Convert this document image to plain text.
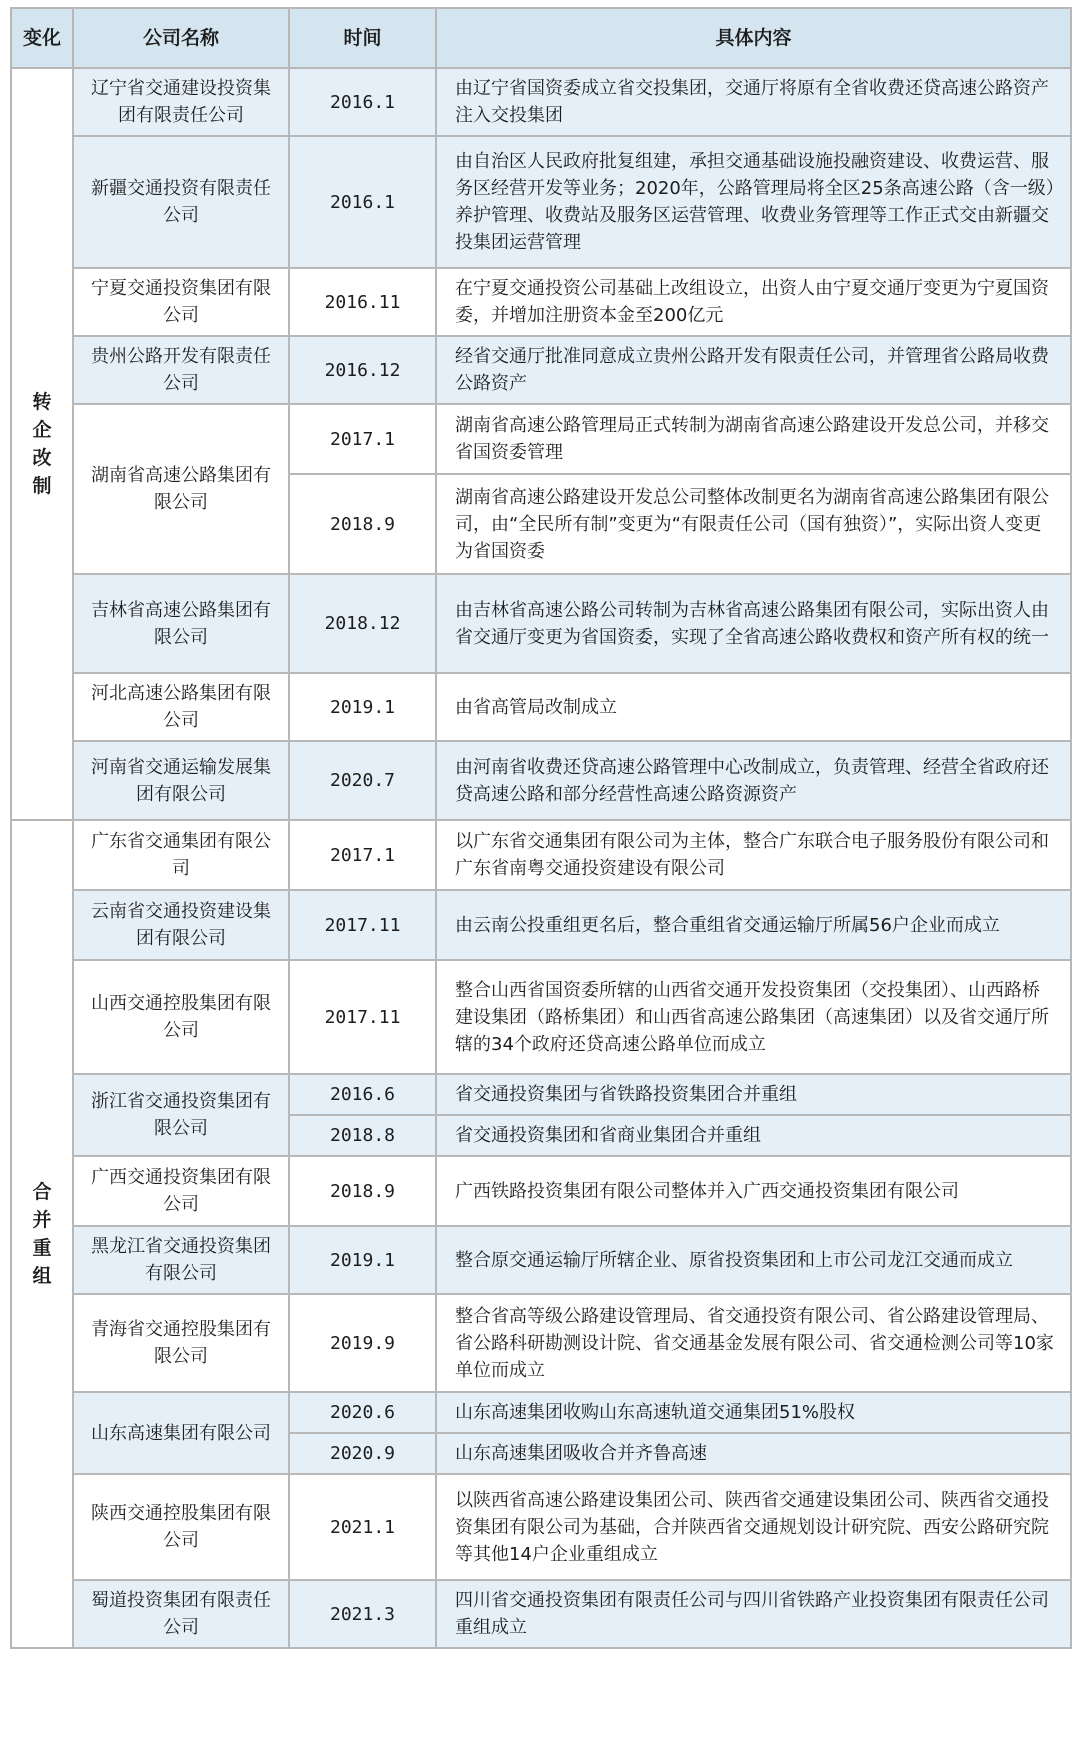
变化	公司名称	时间	具体内容
转企改制	辽宁省交通建设投资集团有限责任公司	2016.1	由辽宁省国资委成立省交投集团，交通厅将原有全省收费还贷高速公路资产注入交投集团
	新疆交通投资有限责任公司	2016.1	由自治区人民政府批复组建，承担交通基础设施投融资建设、收费运营、服务区经营开发等业务；2020年，公路管理局将全区25条高速公路（含一级）养护管理、收费站及服务区运营管理、收费业务管理等工作正式交由新疆交投集团运营管理
	宁夏交通投资集团有限公司	2016.11	在宁夏交通投资公司基础上改组设立，出资人由宁夏交通厅变更为宁夏国资委，并增加注册资本金至200亿元
	贵州公路开发有限责任公司	2016.12	经省交通厅批准同意成立贵州公路开发有限责任公司，并管理省公路局收费公路资产
	湖南省高速公路集团有限公司	2017.1	湖南省高速公路管理局正式转制为湖南省高速公路建设开发总公司，并移交省国资委管理
		2018.9	湖南省高速公路建设开发总公司整体改制更名为湖南省高速公路集团有限公司，由“全民所有制”变更为“有限责任公司（国有独资）”，实际出资人变更为省国资委
	吉林省高速公路集团有限公司	2018.12	由吉林省高速公路公司转制为吉林省高速公路集团有限公司，实际出资人由省交通厅变更为省国资委，实现了全省高速公路收费权和资产所有权的统一
	河北高速公路集团有限公司	2019.1	由省高管局改制成立
	河南省交通运输发展集团有限公司	2020.7	由河南省收费还贷高速公路管理中心改制成立，负责管理、经营全省政府还贷高速公路和部分经营性高速公路资源资产
合并重组	广东省交通集团有限公司	2017.1	以广东省交通集团有限公司为主体，整合广东联合电子服务股份有限公司和广东省南粤交通投资建设有限公司
	云南省交通投资建设集团有限公司	2017.11	由云南公投重组更名后，整合重组省交通运输厅所属56户企业而成立
	山西交通控股集团有限公司	2017.11	整合山西省国资委所辖的山西省交通开发投资集团（交投集团）、山西路桥建设集团（路桥集团）和山西省高速公路集团（高速集团）以及省交通厅所辖的34个政府还贷高速公路单位而成立
	浙江省交通投资集团有限公司	2016.6	省交通投资集团与省铁路投资集团合并重组
		2018.8	省交通投资集团和省商业集团合并重组
	广西交通投资集团有限公司	2018.9	广西铁路投资集团有限公司整体并入广西交通投资集团有限公司
	黑龙江省交通投资集团有限公司	2019.1	整合原交通运输厅所辖企业、原省投资集团和上市公司龙江交通而成立
	青海省交通控股集团有限公司	2019.9	整合省高等级公路建设管理局、省交通投资有限公司、省公路建设管理局、省公路科研勘测设计院、省交通基金发展有限公司、省交通检测公司等10家单位而成立
	山东高速集团有限公司	2020.6	山东高速集团收购山东高速轨道交通集团51%股权
		2020.9	山东高速集团吸收合并齐鲁高速
	陕西交通控股集团有限公司	2021.1	以陕西省高速公路建设集团公司、陕西省交通建设集团公司、陕西省交通投资集团有限公司为基础，合并陕西省交通规划设计研究院、西安公路研究院等其他14户企业重组成立
	蜀道投资集团有限责任公司	2021.3	四川省交通投资集团有限责任公司与四川省铁路产业投资集团有限责任公司重组成立
